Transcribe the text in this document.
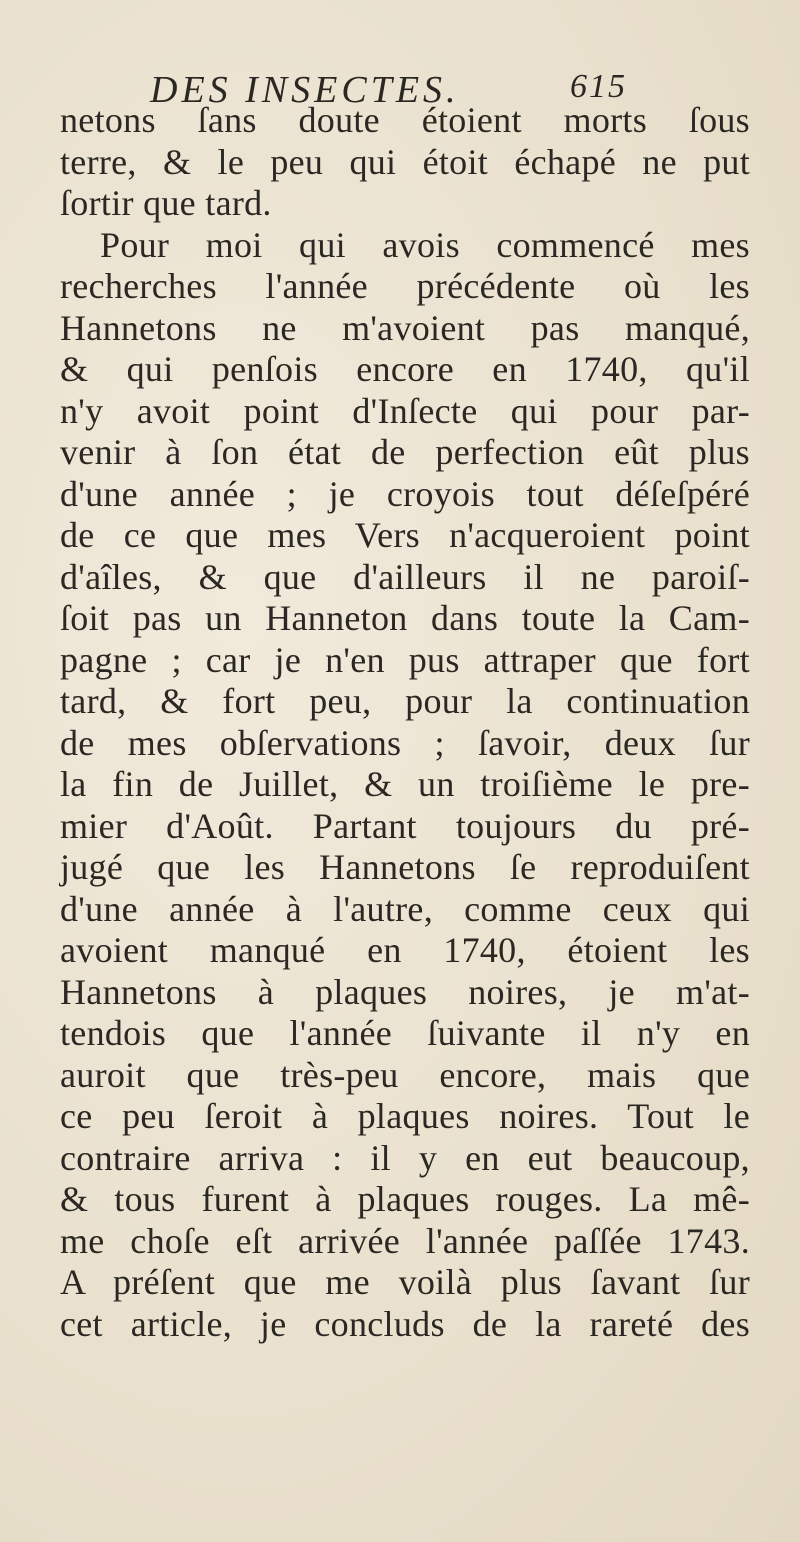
DES INSECTES.	615
netons ſans doute étoient morts ſous
terre, & le peu qui étoit échapé ne put
ſortir que tard.
Pour moi qui avois commencé mes
recherches l'année précédente où les
Hannetons ne m'avoient pas manqué,
& qui penſois encore en 1740, qu'il
n'y avoit point d'Inſecte qui pour par-
venir à ſon état de perfection eût plus
d'une année ; je croyois tout déſeſpéré
de ce que mes Vers n'acqueroient point
d'aîles, & que d'ailleurs il ne paroiſ-
ſoit pas un Hanneton dans toute la Cam-
pagne ; car je n'en pus attraper que fort
tard, & fort peu, pour la continuation
de mes obſervations ; ſavoir, deux ſur
la fin de Juillet, & un troiſième le pre-
mier d'Août. Partant toujours du pré-
jugé que les Hannetons ſe reproduiſent
d'une année à l'autre, comme ceux qui
avoient manqué en 1740, étoient les
Hannetons à plaques noires, je m'at-
tendois que l'année ſuivante il n'y en
auroit que très-peu encore, mais que
ce peu ſeroit à plaques noires. Tout le
contraire arriva : il y en eut beaucoup,
& tous furent à plaques rouges. La mê-
me choſe eſt arrivée l'année paſſée 1743.
A préſent que me voilà plus ſavant ſur
cet article, je concluds de la rareté des
